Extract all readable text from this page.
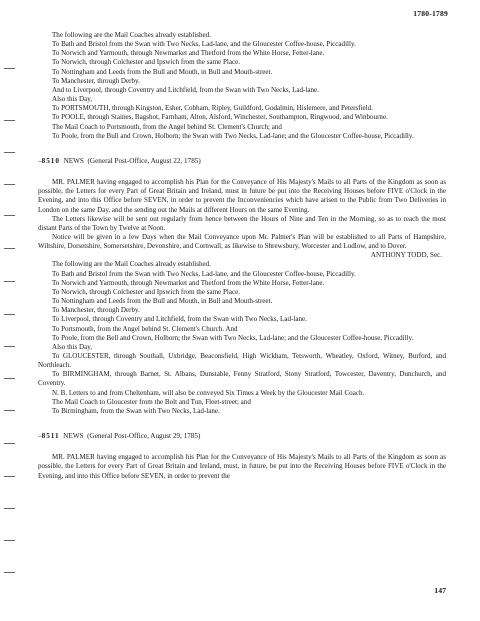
1780-1789

The following are the Mail Coaches already established.

To Bath and Bristol from the Swan with Two Necks, Lad-lane, and the Gloucester Coffee-house, Piccadilly.

To Norwich and Yarmouth, through Newmarket and Thetford from the White Horse, Fetter-lane.

To Norwich, through Colchester and Ipswich from the same Place.

To Nottingham and Leeds from the Bull and Mouth, in Bull and Mouth-street.

To Manchester, through Derby.

And to Liverpool, through Coventry and Litchfield, from the Swan with Two Necks, Lad-lane.

Also this Day,

To PORTSMOUTH, through Kingston, Esher, Cobham, Ripley, Guildford, Godalmin, Hislemere, and Petersfield.

To POOLE, through Staines, Bagshot, Farnham, Alton, Alsford, Winchester, Southampton, Ringwood, and Winbourne.

The Mail Coach to Portsmouth, from the Angel behind St. Clement's Church; and

To Poole, from the Bull and Crown, Holborn; the Swan with Two Necks, Lad-lane; and the Gloucester Coffee-house, Piccadilly.

–8510 NEWS (General Post-Office, August 22, 1785)

MR. PALMER having engaged to accomplish his Plan for the Conveyance of His Majesty's Mails to all Parts of the Kingdom as soon as possible, the Letters for every Part of Great Britain and Ireland, must in future be put into the Receiving Houses before FIVE o'Clock in the Evening, and into this Office before SEVEN, in order to prevent the Inconveniencies which have arisen to the Public from Two Deliveries in London on the same Day, and the sending out the Mails at different Hours on the same Evening.

The Letters likewise will be sent out regularly from hence between the Hours of Nine and Ten in the Morning, so as to reach the most distant Parts of the Town by Twelve at Noon.

Notice will be given in a few Days when the Mail Conveyance upon Mr. Palmer's Plan will be established to all Parts of Hampshire, Wiltshire, Dorsetshire, Somersetshire, Devonshire, and Cornwall, as likewise to Shrewsbury, Worcester and Ludlow, and to Dover.

ANTHONY TODD, Sec.

The following are the Mail Coaches already established.

To Bath and Bristol from the Swan with Two Necks, Lad-lane, and the Gloucester Coffee-house, Piccadilly.

To Norwich and Yarmouth, through Newmarket and Thetford from the White Horse, Fetter-lane.

To Norwich, through Colchester and Ipswich from the same Place.

To Nottingham and Leeds from the Bull and Mouth, in Bull and Mouth-street.

To Manchester, through Derby.

To Liverpool, through Coventry and Litchfield, from the Swan with Two Necks, Lad-lane.

To Portsmouth, from the Angel behind St. Clement's Church. And

To Poole, from the Bell and Crown, Holborn; the Swan with Two Necks, Lad-lane; and the Gloucester Coffee-house, Piccadilly.

Also this Day,

To GLOUCESTER, through Southall, Uxbridge, Beaconsfield, High Wickham, Tetsworth, Wheatley, Oxford, Witney, Burford, and Northleach.

To BIRMINGHAM, through Barnet, St. Albans, Dunstable, Fenny Stratford, Stony Stratford, Towcester, Daventry, Dunchurch, and Coventry.

N. B. Letters to and from Cheltenham, will also be conveyed Six Times a Week by the Gloucester Mail Coach.

The Mail Coach to Gloucester from the Bolt and Tun, Fleet-street; and

To Birmingham, from the Swan with Two Necks, Lad-lane.

–8511 NEWS (General Post-Office, August 29, 1785)

MR. PALMER having engaged to accomplish his Plan for the Conveyance of His Majesty's Mails to all Parts of the Kingdom as soon as possible, the Letters for every Part of Great Britain and Ireland, must, in future, be put into the Receiving Houses before FIVE o'Clock in the Evening, and into this Office before SEVEN, in order to prevent the

147
